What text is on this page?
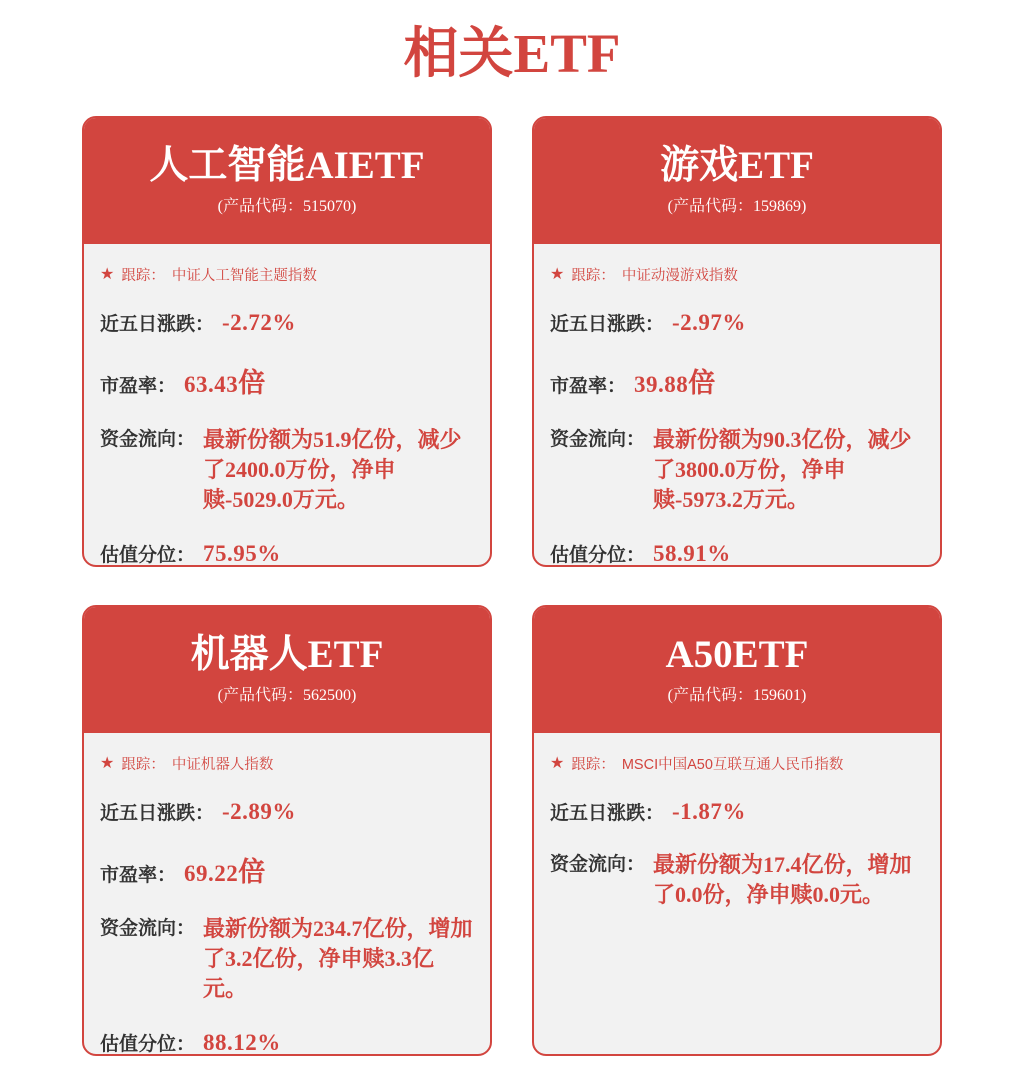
相关ETF
人工智能AIETF
(产品代码：515070)
★ 跟踪： 中证人工智能主题指数
近五日涨跌： -2.72%
市盈率： 63.43 倍
资金流向： 最新份额为51.9亿份，减少了2400.0万份，净申赎-5029.0万元。
估值分位： 75.95%
游戏ETF
(产品代码：159869)
★ 跟踪： 中证动漫游戏指数
近五日涨跌： -2.97%
市盈率： 39.88 倍
资金流向： 最新份额为90.3亿份，减少了3800.0万份，净申赎-5973.2万元。
估值分位： 58.91%
机器人ETF
(产品代码：562500)
★ 跟踪： 中证机器人指数
近五日涨跌： -2.89%
市盈率： 69.22 倍
资金流向： 最新份额为234.7亿份，增加了3.2亿份，净申赎3.3亿元。
估值分位： 88.12%
A50ETF
(产品代码：159601)
★ 跟踪： MSCI中国A50互联互通人民币指数
近五日涨跌： -1.87%
资金流向： 最新份额为17.4亿份，增加了0.0份，净申赎0.0元。
